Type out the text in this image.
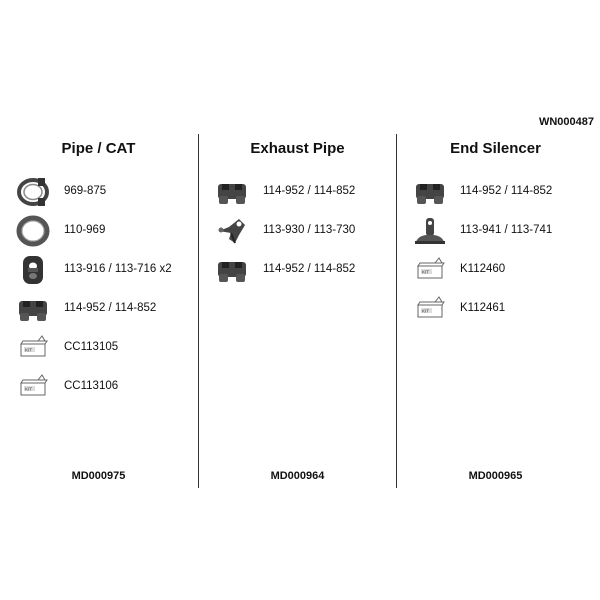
WN000487
Pipe / CAT
969-875
110-969
113-916 / 113-716 x2
114-952 / 114-852
KIT	CC113105
KIT	CC113106
MD000975
Exhaust Pipe
114-952 / 114-852
113-930 / 113-730
114-952 / 114-852
MD000964
End Silencer
114-952 / 114-852
113-941 / 113-741
KIT	K112460
KIT	K112461
MD000965
